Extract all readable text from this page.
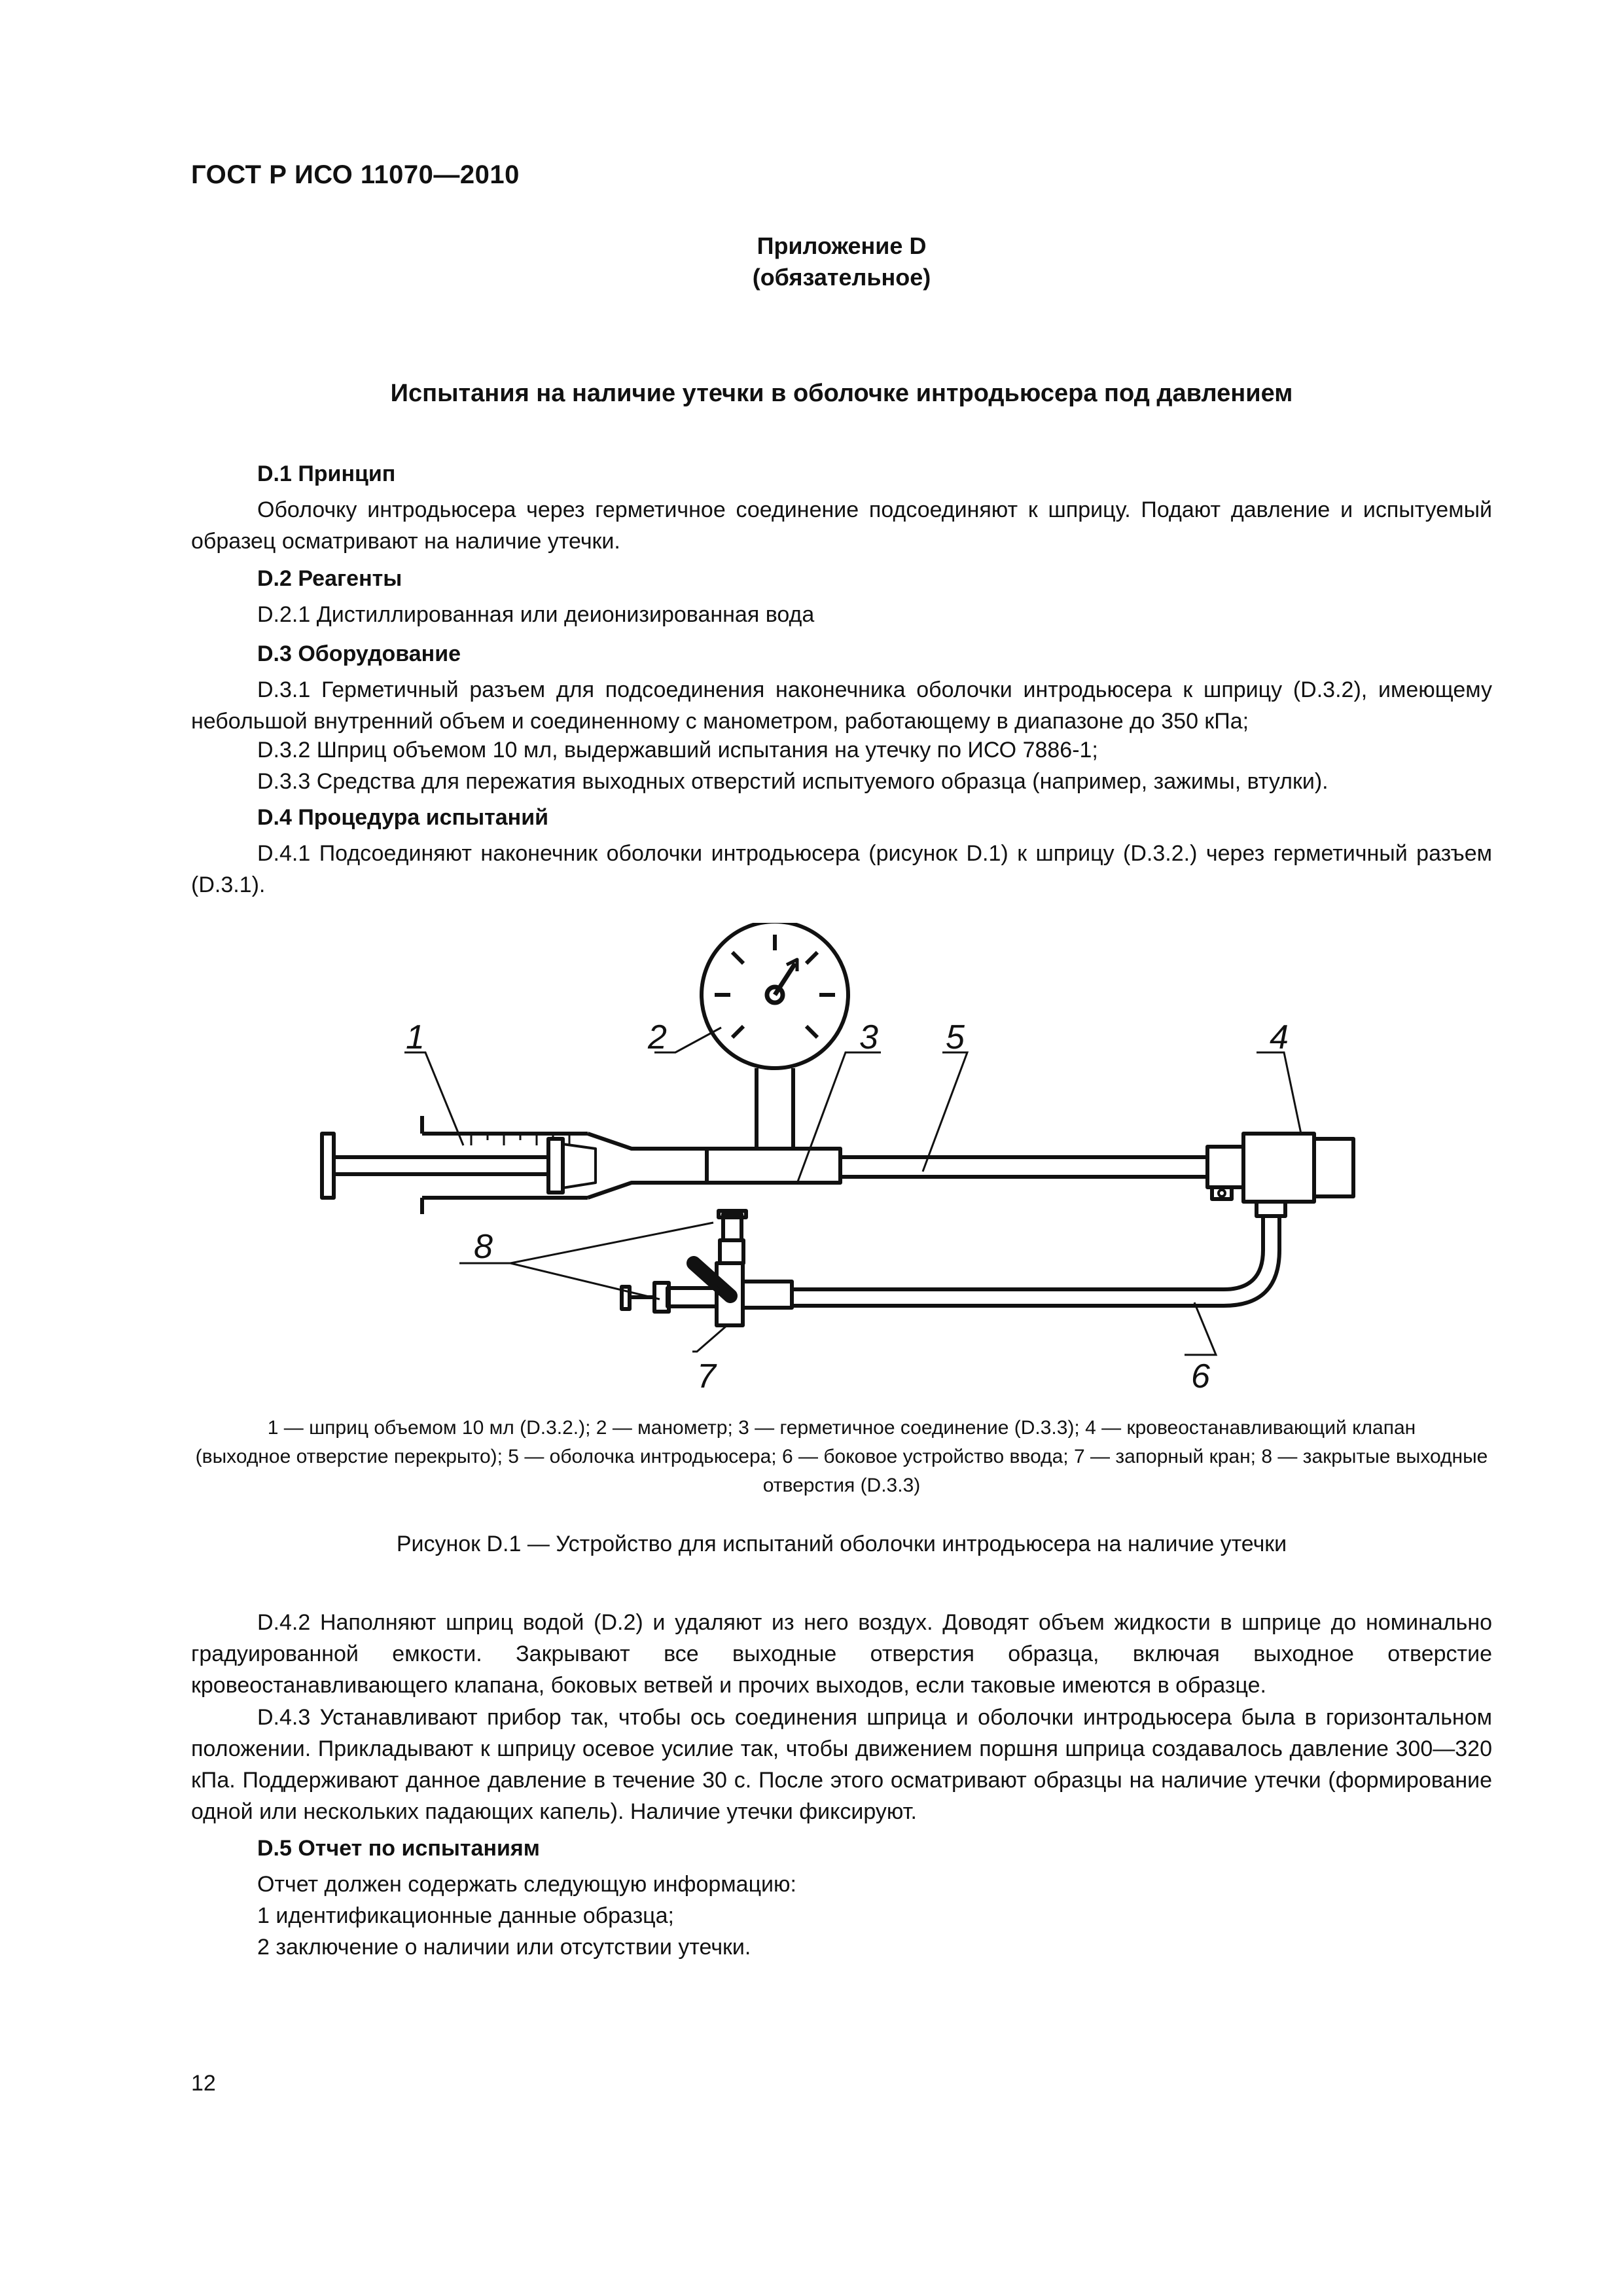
ГОСТ Р ИСО 11070—2010
Приложение D
(обязательное)
Испытания на наличие утечки в оболочке интродьюсера под давлением
D.1 Принцип
Оболочку интродьюсера через герметичное соединение подсоединяют к шприцу. Подают давление и испытуемый образец осматривают на наличие утечки.
D.2 Реагенты
D.2.1 Дистиллированная или деионизированная вода
D.3 Оборудование
D.3.1 Герметичный разъем для подсоединения наконечника оболочки интродьюсера к шприцу (D.3.2), имеющему небольшой внутренний объем и соединенному с манометром, работающему в диапазоне до 350 кПа;
D.3.2 Шприц объемом 10 мл, выдержавший испытания на утечку по ИСО 7886-1;
D.3.3 Средства для пережатия выходных отверстий испытуемого образца (например, зажимы, втулки).
D.4 Процедура испытаний
D.4.1 Подсоединяют наконечник оболочки интродьюсера (рисунок D.1) к шприцу (D.3.2.) через герметичный разъем (D.3.1).
1	2	3	4
5
6
7
8
1 — шприц объемом 10 мл (D.3.2.); 2 — манометр; 3 — герметичное соединение (D.3.3); 4 — кровеостанавливающий клапан
(выходное отверстие перекрыто); 5 — оболочка интродьюсера; 6 — боковое устройство ввода; 7 — запорный кран; 8 — закрытые выходные отверстия (D.3.3)
Рисунок D.1 — Устройство для испытаний оболочки интродьюсера на наличие утечки
D.4.2 Наполняют шприц водой (D.2) и удаляют из него воздух. Доводят объем жидкости в шприце до номинально градуированной емкости. Закрывают все выходные отверстия образца, включая выходное отверстие кровеостанавливающего клапана, боковых ветвей и прочих выходов, если таковые имеются в образце.
D.4.3 Устанавливают прибор так, чтобы ось соединения шприца и оболочки интродьюсера была в горизонтальном положении. Прикладывают к шприцу осевое усилие так, чтобы движением поршня шприца создавалось давление 300—320 кПа. Поддерживают данное давление в течение 30 с. После этого осматривают образцы на наличие утечки (формирование одной или нескольких падающих капель). Наличие утечки фиксируют.
D.5 Отчет по испытаниям
Отчет должен содержать следующую информацию:
1 идентификационные данные образца;
2 заключение о наличии или отсутствии утечки.
12
